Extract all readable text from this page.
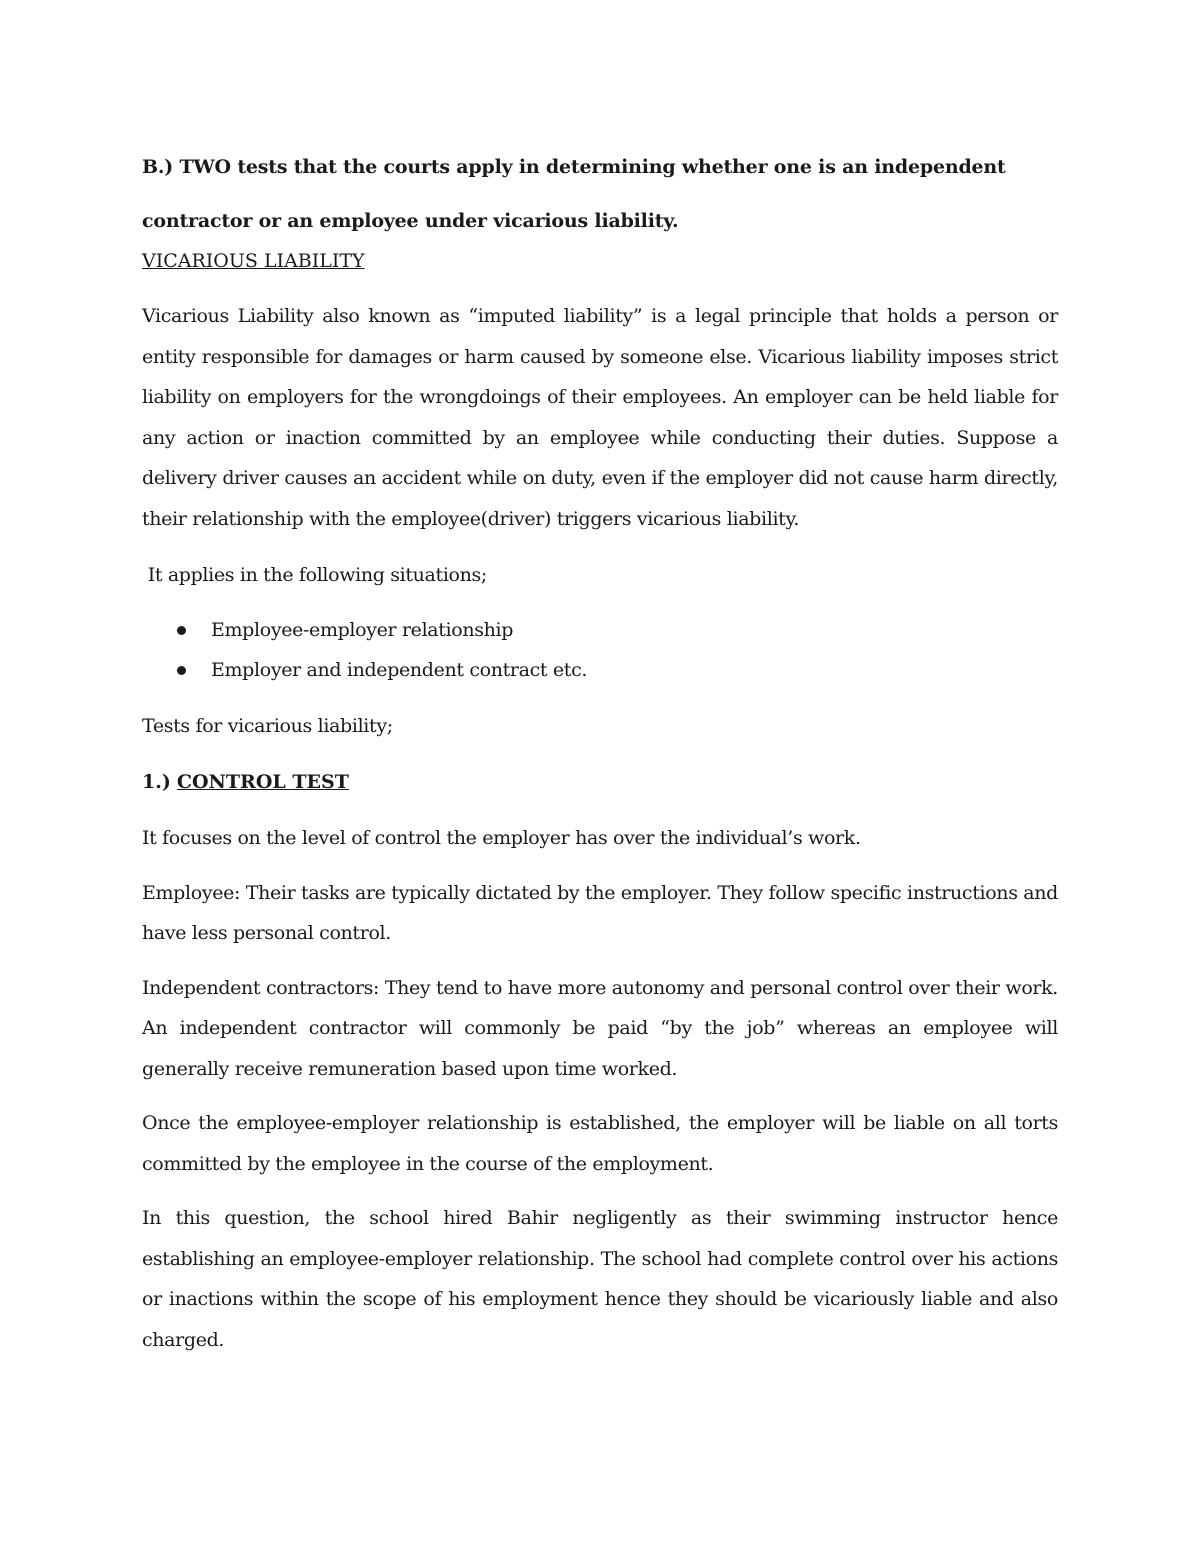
B.) TWO tests that the courts apply in determining whether one is an independent

contractor or an employee under vicarious liability.

VICARIOUS LIABILITY

Vicarious Liability also known as “imputed liability” is a legal principle that holds a person or entity responsible for damages or harm caused by someone else. Vicarious liability imposes strict liability on employers for the wrongdoings of their employees. An employer can be held liable for any action or inaction committed by an employee while conducting their duties. Suppose a delivery driver causes an accident while on duty, even if the employer did not cause harm directly, their relationship with the employee(driver) triggers vicarious liability.

It applies in the following situations;

Employee-employer relationship
Employer and independent contract etc.

Tests for vicarious liability;

1.) CONTROL TEST

It focuses on the level of control the employer has over the individual’s work.

Employee: Their tasks are typically dictated by the employer. They follow specific instructions and have less personal control.

Independent contractors: They tend to have more autonomy and personal control over their work. An independent contractor will commonly be paid “by the job” whereas an employee will generally receive remuneration based upon time worked.

Once the employee-employer relationship is established, the employer will be liable on all torts committed by the employee in the course of the employment.

In this question, the school hired Bahir negligently as their swimming instructor hence establishing an employee-employer relationship. The school had complete control over his actions or inactions within the scope of his employment hence they should be vicariously liable and also charged.
